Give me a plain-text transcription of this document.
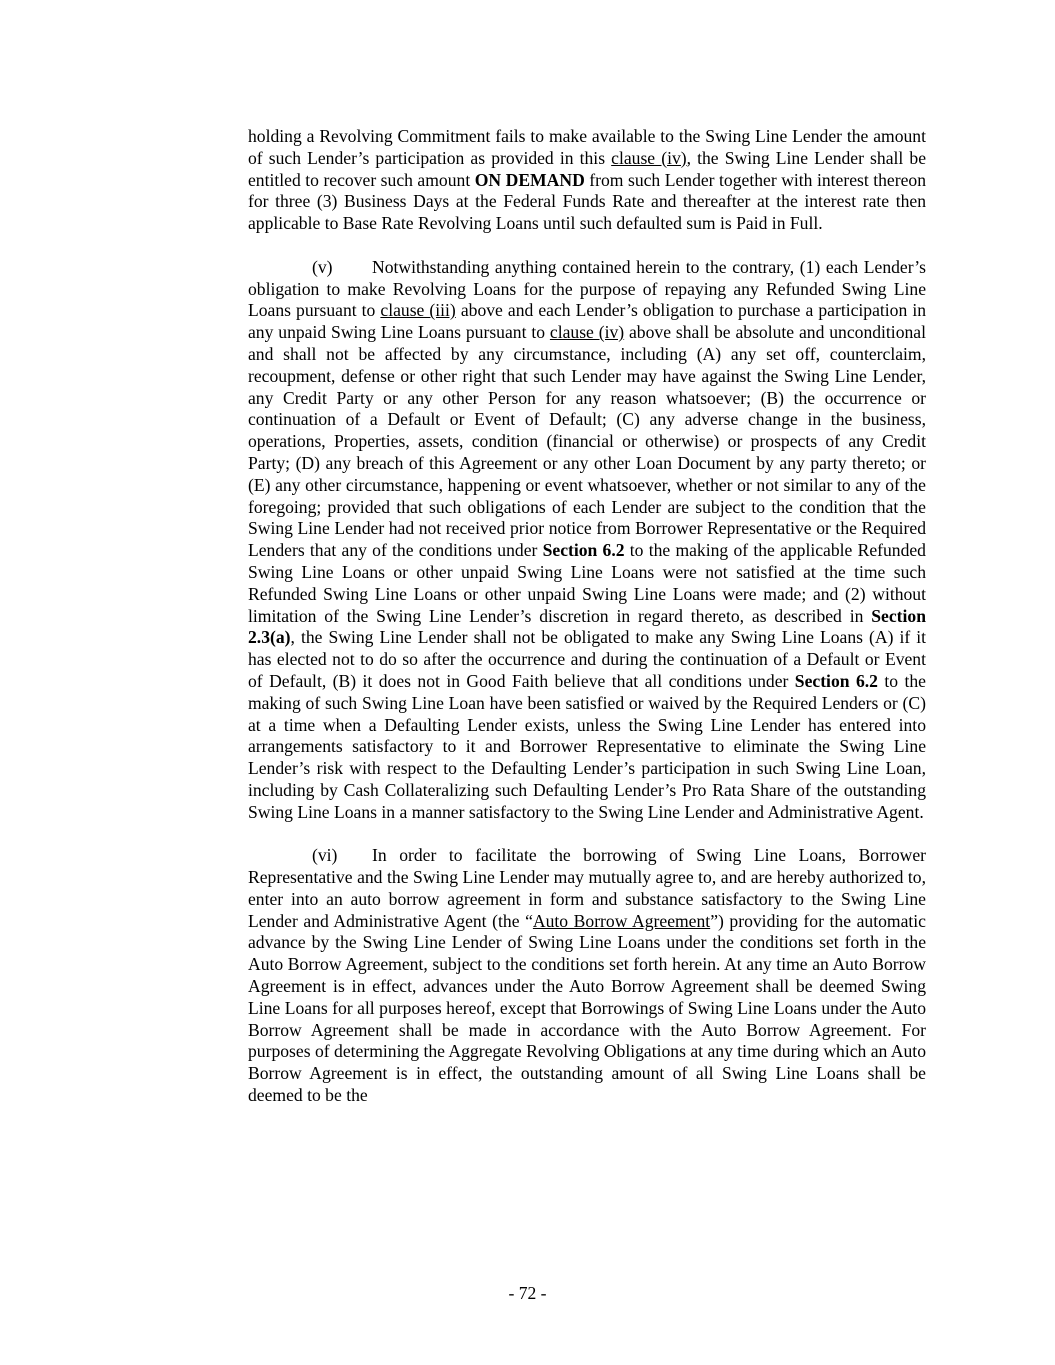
holding a Revolving Commitment fails to make available to the Swing Line Lender the amount of such Lender’s participation as provided in this clause (iv), the Swing Line Lender shall be entitled to recover such amount ON DEMAND from such Lender together with interest thereon for three (3) Business Days at the Federal Funds Rate and thereafter at the interest rate then applicable to Base Rate Revolving Loans until such defaulted sum is Paid in Full.

(v) Notwithstanding anything contained herein to the contrary, (1) each Lender’s obligation to make Revolving Loans for the purpose of repaying any Refunded Swing Line Loans pursuant to clause (iii) above and each Lender’s obligation to purchase a participation in any unpaid Swing Line Loans pursuant to clause (iv) above shall be absolute and unconditional and shall not be affected by any circumstance, including (A) any set off, counterclaim, recoupment, defense or other right that such Lender may have against the Swing Line Lender, any Credit Party or any other Person for any reason whatsoever; (B) the occurrence or continuation of a Default or Event of Default; (C) any adverse change in the business, operations, Properties, assets, condition (financial or otherwise) or prospects of any Credit Party; (D) any breach of this Agreement or any other Loan Document by any party thereto; or (E) any other circumstance, happening or event whatsoever, whether or not similar to any of the foregoing; provided that such obligations of each Lender are subject to the condition that the Swing Line Lender had not received prior notice from Borrower Representative or the Required Lenders that any of the conditions under Section 6.2 to the making of the applicable Refunded Swing Line Loans or other unpaid Swing Line Loans were not satisfied at the time such Refunded Swing Line Loans or other unpaid Swing Line Loans were made; and (2) without limitation of the Swing Line Lender’s discretion in regard thereto, as described in Section 2.3(a), the Swing Line Lender shall not be obligated to make any Swing Line Loans (A) if it has elected not to do so after the occurrence and during the continuation of a Default or Event of Default, (B) it does not in Good Faith believe that all conditions under Section 6.2 to the making of such Swing Line Loan have been satisfied or waived by the Required Lenders or (C) at a time when a Defaulting Lender exists, unless the Swing Line Lender has entered into arrangements satisfactory to it and Borrower Representative to eliminate the Swing Line Lender’s risk with respect to the Defaulting Lender’s participation in such Swing Line Loan, including by Cash Collateralizing such Defaulting Lender’s Pro Rata Share of the outstanding Swing Line Loans in a manner satisfactory to the Swing Line Lender and Administrative Agent.

(vi) In order to facilitate the borrowing of Swing Line Loans, Borrower Representative and the Swing Line Lender may mutually agree to, and are hereby authorized to, enter into an auto borrow agreement in form and substance satisfactory to the Swing Line Lender and Administrative Agent (the “Auto Borrow Agreement”) providing for the automatic advance by the Swing Line Lender of Swing Line Loans under the conditions set forth in the Auto Borrow Agreement, subject to the conditions set forth herein. At any time an Auto Borrow Agreement is in effect, advances under the Auto Borrow Agreement shall be deemed Swing Line Loans for all purposes hereof, except that Borrowings of Swing Line Loans under the Auto Borrow Agreement shall be made in accordance with the Auto Borrow Agreement. For purposes of determining the Aggregate Revolving Obligations at any time during which an Auto Borrow Agreement is in effect, the outstanding amount of all Swing Line Loans shall be deemed to be the

- 72 -
